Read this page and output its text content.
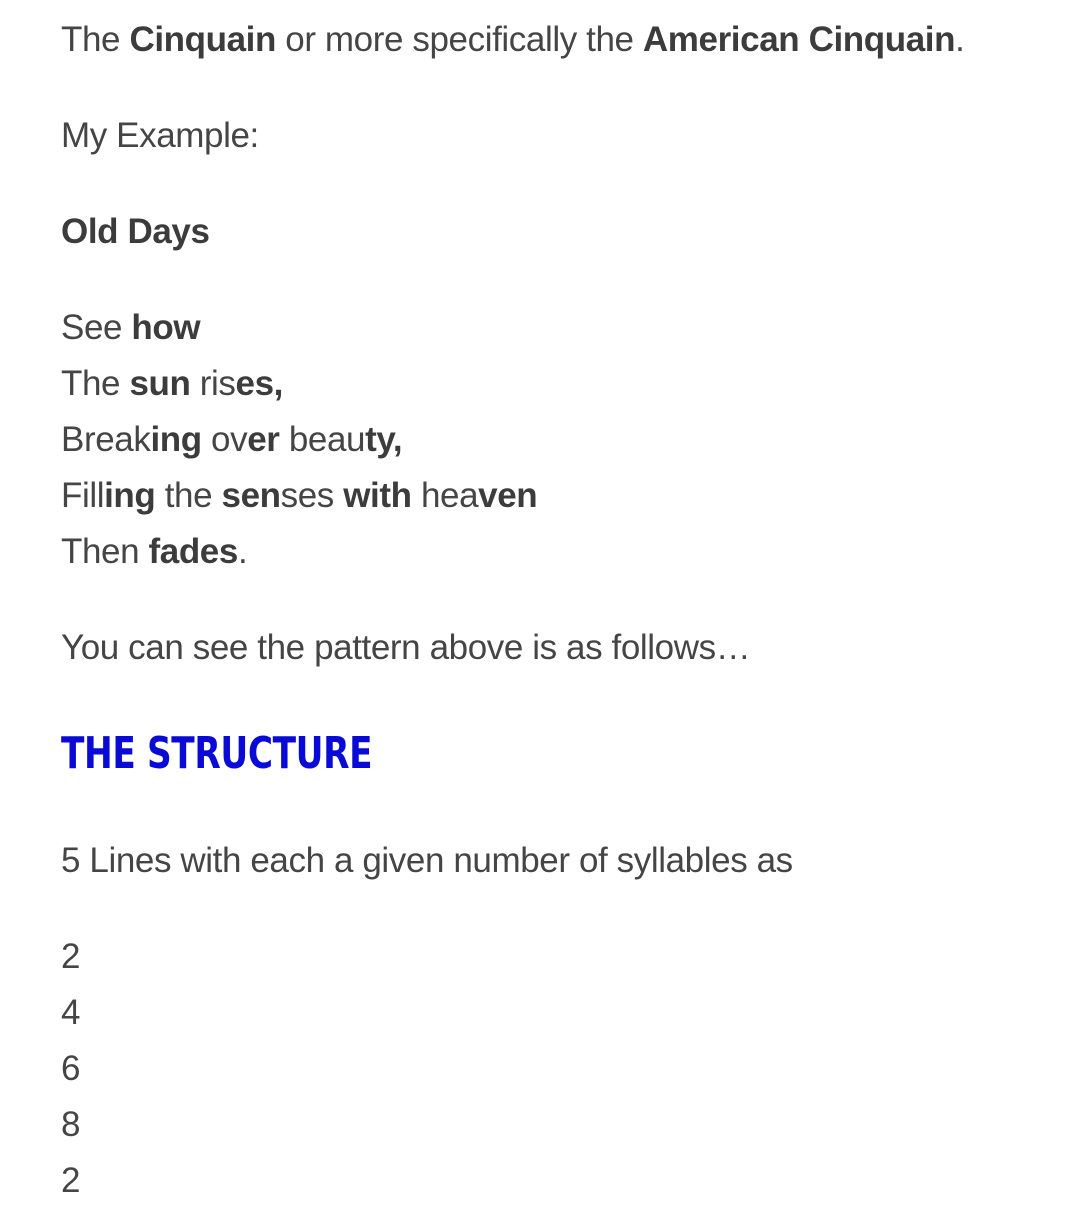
The Cinquain or more specifically the American Cinquain.

My Example:

Old Days

See how
The sun rises,
Breaking over beauty,
Filling the senses with heaven
Then fades.

You can see the pattern above is as follows…

THE STRUCTURE

5 Lines with each a given number of syllables as

2
4
6
8
2
